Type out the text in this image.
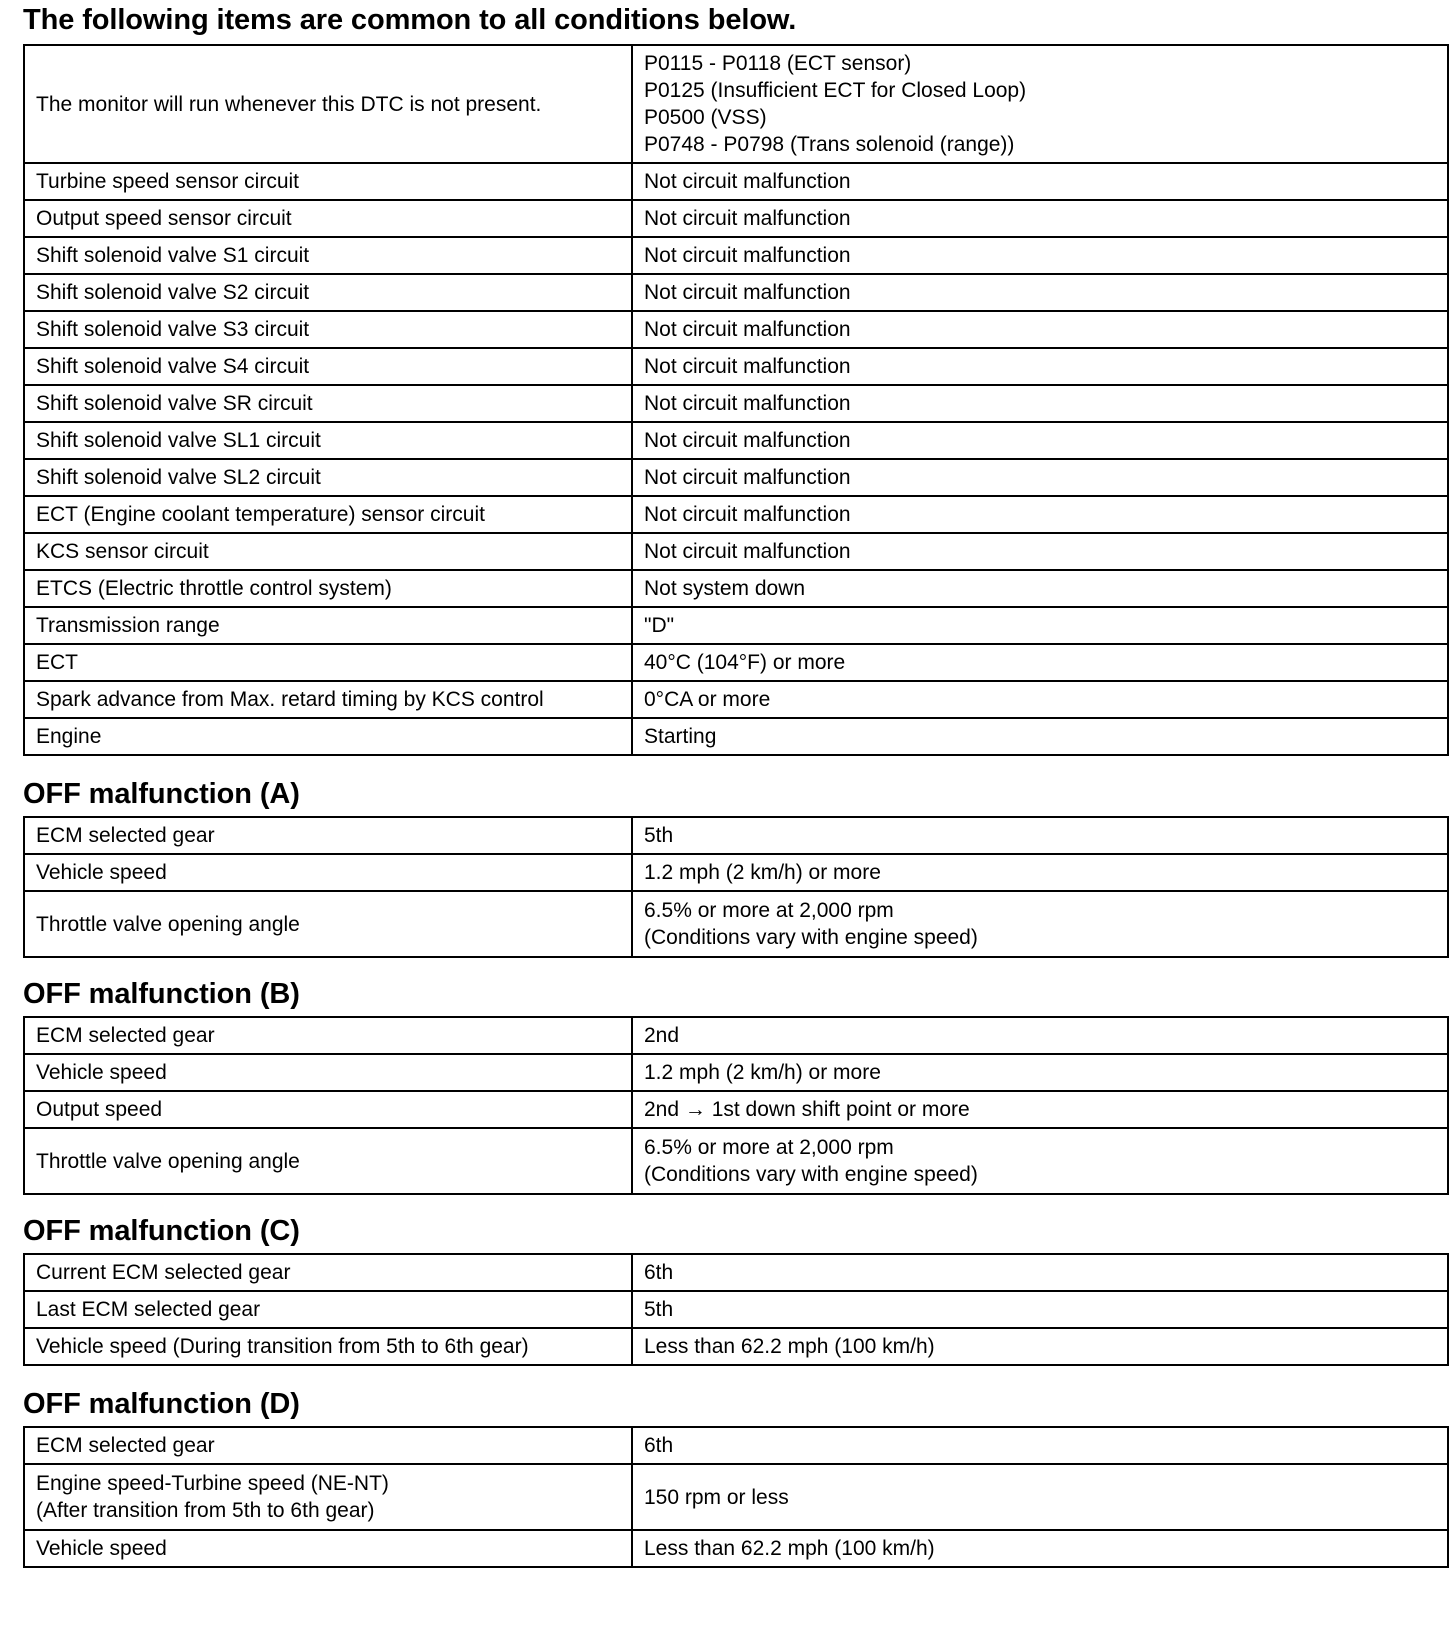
The following items are common to all conditions below.
The monitor will run whenever this DTC is not present.	P0115 - P0118 (ECT sensor)
P0125 (Insufficient ECT for Closed Loop)
P0500 (VSS)
P0748 - P0798 (Trans solenoid (range))
Turbine speed sensor circuit	Not circuit malfunction
Output speed sensor circuit	Not circuit malfunction
Shift solenoid valve S1 circuit	Not circuit malfunction
Shift solenoid valve S2 circuit	Not circuit malfunction
Shift solenoid valve S3 circuit	Not circuit malfunction
Shift solenoid valve S4 circuit	Not circuit malfunction
Shift solenoid valve SR circuit	Not circuit malfunction
Shift solenoid valve SL1 circuit	Not circuit malfunction
Shift solenoid valve SL2 circuit	Not circuit malfunction
ECT (Engine coolant temperature) sensor circuit	Not circuit malfunction
KCS sensor circuit	Not circuit malfunction
ETCS (Electric throttle control system)	Not system down
Transmission range	"D"
ECT	40°C (104°F) or more
Spark advance from Max. retard timing by KCS control	0°CA or more
Engine	Starting
OFF malfunction (A)
ECM selected gear	5th
Vehicle speed	1.2 mph (2 km/h) or more
Throttle valve opening angle	6.5% or more at 2,000 rpm
(Conditions vary with engine speed)
OFF malfunction (B)
ECM selected gear	2nd
Vehicle speed	1.2 mph (2 km/h) or more
Output speed	2nd → 1st down shift point or more
Throttle valve opening angle	6.5% or more at 2,000 rpm
(Conditions vary with engine speed)
OFF malfunction (C)
Current ECM selected gear	6th
Last ECM selected gear	5th
Vehicle speed (During transition from 5th to 6th gear)	Less than 62.2 mph (100 km/h)
OFF malfunction (D)
ECM selected gear	6th
Engine speed-Turbine speed (NE-NT)
(After transition from 5th to 6th gear)	150 rpm or less
Vehicle speed	Less than 62.2 mph (100 km/h)
